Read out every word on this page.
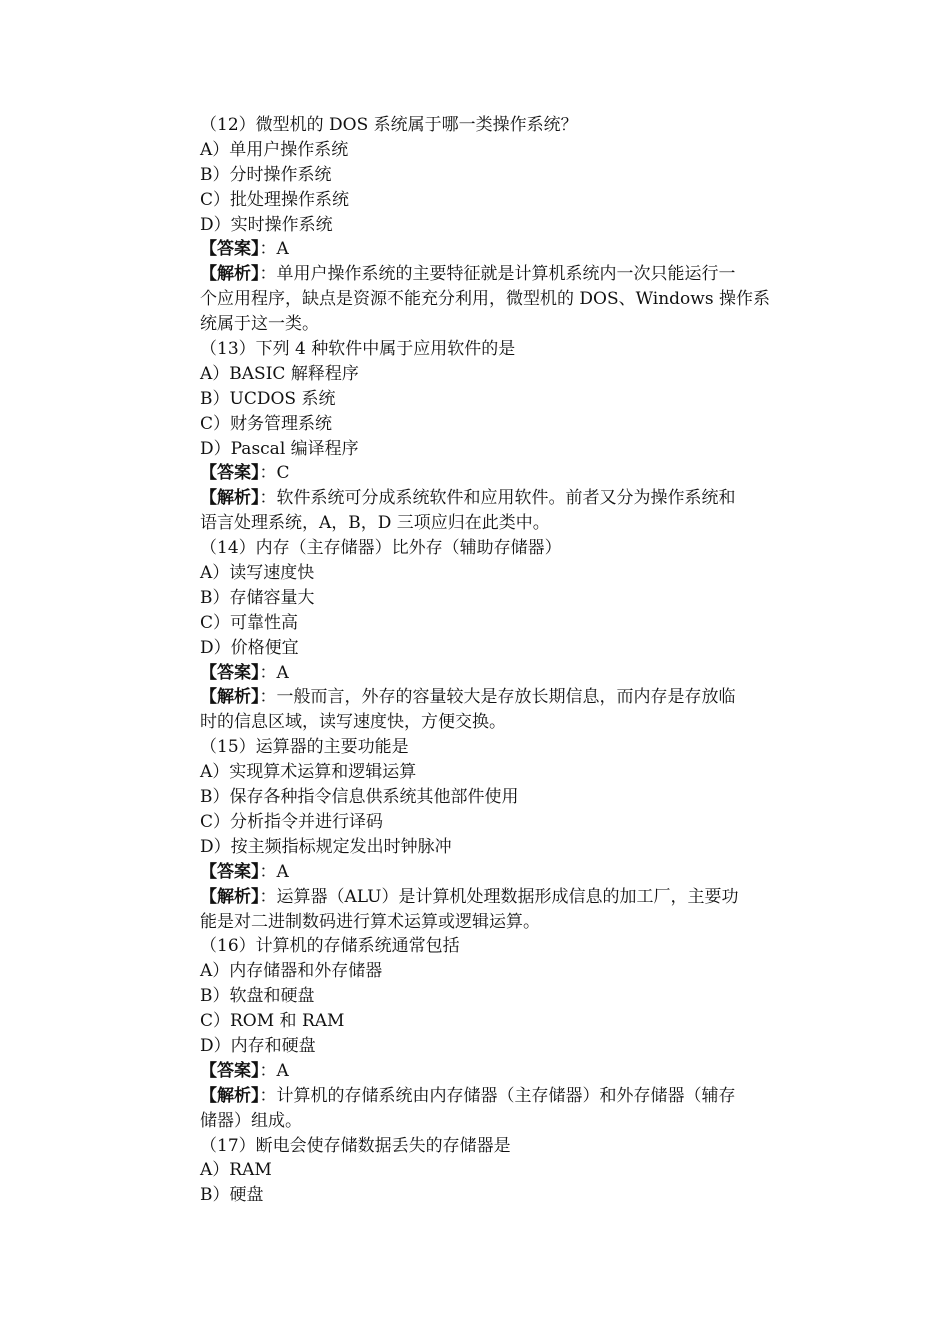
（12）微型机的 DOS 系统属于哪一类操作系统？
A）单用户操作系统
B）分时操作系统
C）批处理操作系统
D）实时操作系统
【答案】：A
【解析】：单用户操作系统的主要特征就是计算机系统内一次只能运行一
个应用程序，缺点是资源不能充分利用，微型机的 DOS、Windows 操作系
统属于这一类。
（13）下列 4 种软件中属于应用软件的是
A）BASIC 解释程序
B）UCDOS 系统
C）财务管理系统
D）Pascal 编译程序
【答案】：C
【解析】：软件系统可分成系统软件和应用软件。前者又分为操作系统和
语言处理系统，A，B，D 三项应归在此类中。
（14）内存（主存储器）比外存（辅助存储器）
A）读写速度快
B）存储容量大
C）可靠性高
D）价格便宜
【答案】：A
【解析】：一般而言，外存的容量较大是存放长期信息，而内存是存放临
时的信息区域，读写速度快，方便交换。
（15）运算器的主要功能是
A）实现算术运算和逻辑运算
B）保存各种指令信息供系统其他部件使用
C）分析指令并进行译码
D）按主频指标规定发出时钟脉冲
【答案】：A
【解析】：运算器（ALU）是计算机处理数据形成信息的加工厂，主要功
能是对二进制数码进行算术运算或逻辑运算。
（16）计算机的存储系统通常包括
A）内存储器和外存储器
B）软盘和硬盘
C）ROM 和 RAM
D）内存和硬盘
【答案】：A
【解析】：计算机的存储系统由内存储器（主存储器）和外存储器（辅存
储器）组成。
（17）断电会使存储数据丢失的存储器是
A）RAM
B）硬盘
